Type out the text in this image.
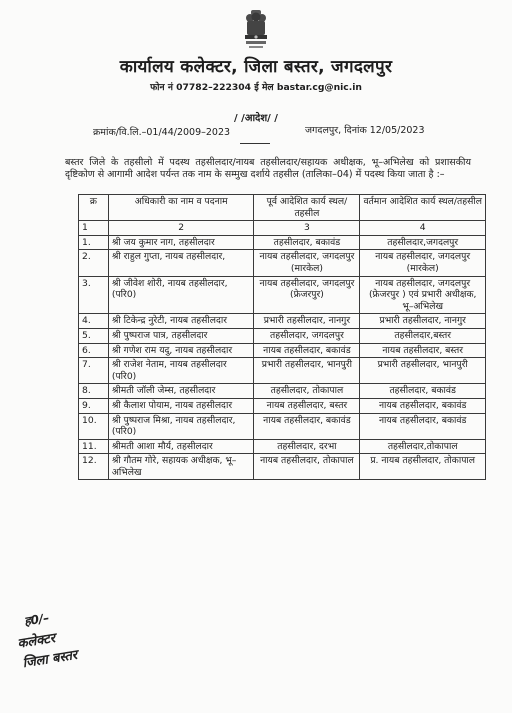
कार्यालय कलेक्टर, जिला बस्तर, जगदलपुर
फोन नं 07782–222304 ई मेल bastar.cg@nic.in
/ /आदेश/ /
क्रमांक/वि.लि.–01/44/2009–2023	जगदलपुर, दिनांक 12/05/2023
बस्तर जिले के तहसीलो में पदस्थ तहसीलदार/नायब तहसीलदार/सहायक अधीक्षक, भू–अभिलेख को प्रशासकीय दृष्टिकोण से आगामी आदेश पर्यन्त तक नाम के सम्मुख दर्शाये तहसील (तालिका–04) में पदस्थ किया जाता है :–
क्र	अधिकारी का नाम व पदनाम	पूर्व आदेशित कार्य स्थल/तहसील	वर्तमान आदेशित कार्य स्थल/तहसील
1	2	3	4
1.	श्री जय कुमार नाग, तहसीलदार	तहसीलदार, बकावंड	तहसीलदार,जगदलपुर
2.	श्री राहुल गुप्ता, नायब तहसीलदार,	नायब तहसीलदार, जगदलपुर (मारकेल)	नायब तहसीलदार, जगदलपुर (मारकेल)
3.	श्री जीवेश शोरी, नायब तहसीलदार, (परि0)	नायब तहसीलदार, जगदलपुर (फ्रेजरपुर)	नायब तहसीलदार, जगदलपुर (फ्रेजरपुर ) एवं प्रभारी अधीक्षक, भू–अभिलेख
4.	श्री टिकेन्द्र नुरेटी, नायब तहसीलदार	प्रभारी तहसीलदार, नानगुर	प्रभारी तहसीलदार, नानगुर
5.	श्री पुष्पराज पात्र, तहसीलदार	तहसीलदार, जगदलपुर	तहसीलदार,बस्तर
6.	श्री गणेश राम यदु, नायब तहसीलदार	नायब तहसीलदार, बकावंड	नायब तहसीलदार, बस्तर
7.	श्री राजेश नेताम, नायब तहसीलदार (परि0)	प्रभारी तहसीलदार, भानपुरी	प्रभारी तहसीलदार, भानपुरी
8.	श्रीमती जॉली जेम्स, तहसीलदार	तहसीलदार, तोकापाल	तहसीलदार, बकावंड
9.	श्री कैलाश पोयाम, नायब तहसीलदार	नायब तहसीलदार, बस्तर	नायब तहसीलदार, बकावंड
10.	श्री पुष्पराज मिश्रा, नायब तहसीलदार, (परि0)	नायब तहसीलदार, बकावंड	नायब तहसीलदार, बकावंड
11.	श्रीमती आशा मौर्य, तहसीलदार	तहसीलदार, दरभा	तहसीलदार,तोकापाल
12.	श्री गौतम गोरे, सहायक अधीक्षक, भू–अभिलेख	नायब तहसीलदार, तोकापाल	प्र. नायब तहसीलदार, तोकापाल
ह0/–
कलेक्टर
जिला बस्तर
